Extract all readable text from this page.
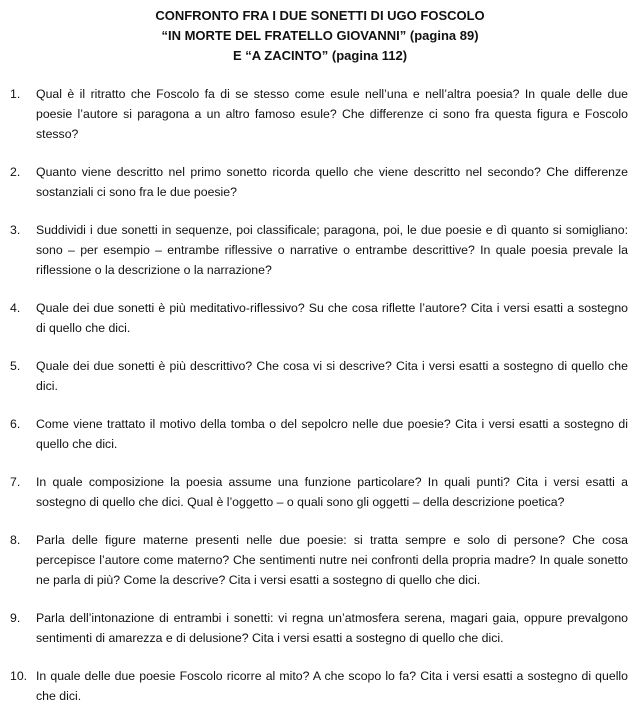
CONFRONTO FRA I DUE SONETTI DI UGO FOSCOLO
“IN MORTE DEL FRATELLO GIOVANNI” (pagina 89)
E “A ZACINTO” (pagina 112)
1.	Qual è il ritratto che Foscolo fa di se stesso come esule nell’una e nell’altra poesia? In quale delle due poesie l’autore si paragona a un altro famoso esule? Che differenze ci sono fra questa figura e Foscolo stesso?
2.	Quanto viene descritto nel primo sonetto ricorda quello che viene descritto nel secondo? Che differenze sostanziali ci sono fra le due poesie?
3.	Suddividi i due sonetti in sequenze, poi classificale; paragona, poi, le due poesie e dì quanto si somigliano: sono – per esempio – entrambe riflessive o narrative o entrambe descrittive? In quale poesia prevale la riflessione o la descrizione o la narrazione?
4.	Quale dei due sonetti è più meditativo-riflessivo? Su che cosa riflette l’autore? Cita i versi esatti a sostegno di quello che dici.
5.	Quale dei due sonetti è più descrittivo? Che cosa vi si descrive? Cita i versi esatti a sostegno di quello che dici.
6.	Come viene trattato il motivo della tomba o del sepolcro nelle due poesie? Cita i versi esatti a sostegno di quello che dici.
7.	In quale composizione la poesia assume una funzione particolare? In quali punti? Cita i versi esatti a sostegno di quello che dici. Qual è l’oggetto – o quali sono gli oggetti – della descrizione poetica?
8.	Parla delle figure materne presenti nelle due poesie: si tratta sempre e solo di persone? Che cosa percepisce l’autore come materno? Che sentimenti nutre nei confronti della propria madre? In quale sonetto ne parla di più? Come la descrive? Cita i versi esatti a sostegno di quello che dici.
9.	Parla dell’intonazione di entrambi i sonetti: vi regna un’atmosfera serena, magari gaia, oppure prevalgono sentimenti di amarezza e di delusione? Cita i versi esatti a sostegno di quello che dici.
10. In quale delle due poesie Foscolo ricorre al mito? A che scopo lo fa? Cita i versi esatti a sostegno di quello che dici.
